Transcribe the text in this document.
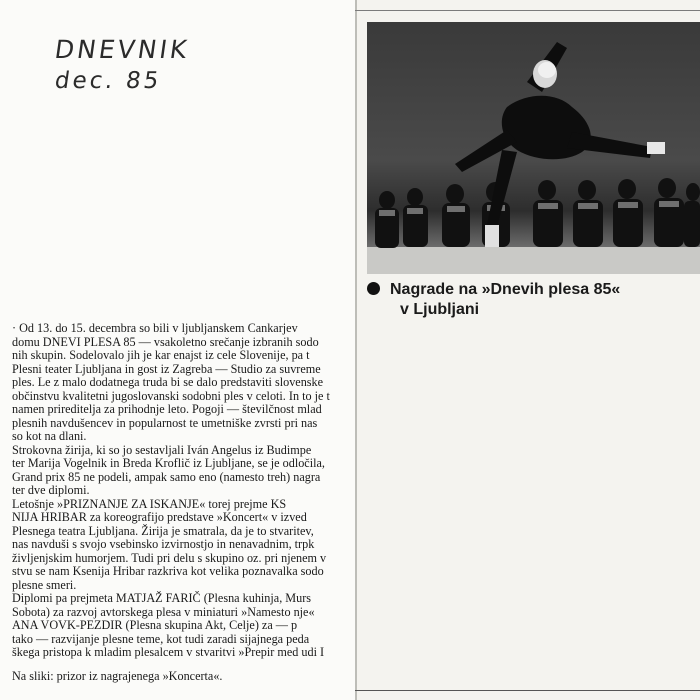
DNEVNIK
dec. 85
Nagrade na »Dnevih plesa 85«
v Ljubljani

· Od 13. do 15. decembra so bili v ljubljanskem Cankarjev

domu DNEVI PLESA 85 — vsakoletno srečanje izbranih sodo

nih skupin. Sodelovalo jih je kar enajst iz cele Slovenije, pa t

Plesni teater Ljubljana in gost iz Zagreba — Studio za suvreme

ples. Le z malo dodatnega truda bi se dalo predstaviti slovenske

občinstvu kvalitetni jugoslovanski sodobni ples v celoti. In to je t

namen prireditelja za prihodnje leto. Pogoji — številčnost mlad

plesnih navdušencev in popularnost te umetniške zvrsti pri nas

so kot na dlani.

Strokovna žirija, ki so jo sestavljali Iván Angelus iz Budimpe

ter Marija Vogelnik in Breda Kroflič iz Ljubljane, se je odločila,

Grand prix 85 ne podeli, ampak samo eno (namesto treh) nagra

ter dve diplomi.

Letošnje »PRIZNANJE ZA ISKANJE« torej prejme KS

NIJA HRIBAR za koreografijo predstave »Koncert« v izved

Plesnega teatra Ljubljana. Žirija je smatrala, da je to stvaritev,

nas navduši s svojo vsebinsko izvirnostjo in nenavadnim, trpk

življenjskim humorjem. Tudi pri delu s skupino oz. pri njenem v

stvu se nam Ksenija Hribar razkriva kot velika poznavalka sodo

plesne smeri.

Diplomi pa prejmeta MATJAŽ FARIČ (Plesna kuhinja, Murs

Sobota) za razvoj avtorskega plesa v miniaturi »Namesto nje«

ANA VOVK-PEZDIR (Plesna skupina Akt, Celje) za — p

tako — razvijanje plesne teme, kot tudi zaradi sijajnega peda

škega pristopa k mladim plesalcem v stvaritvi »Prepir med udi I

Na sliki: prizor iz nagrajenega »Koncerta«.
